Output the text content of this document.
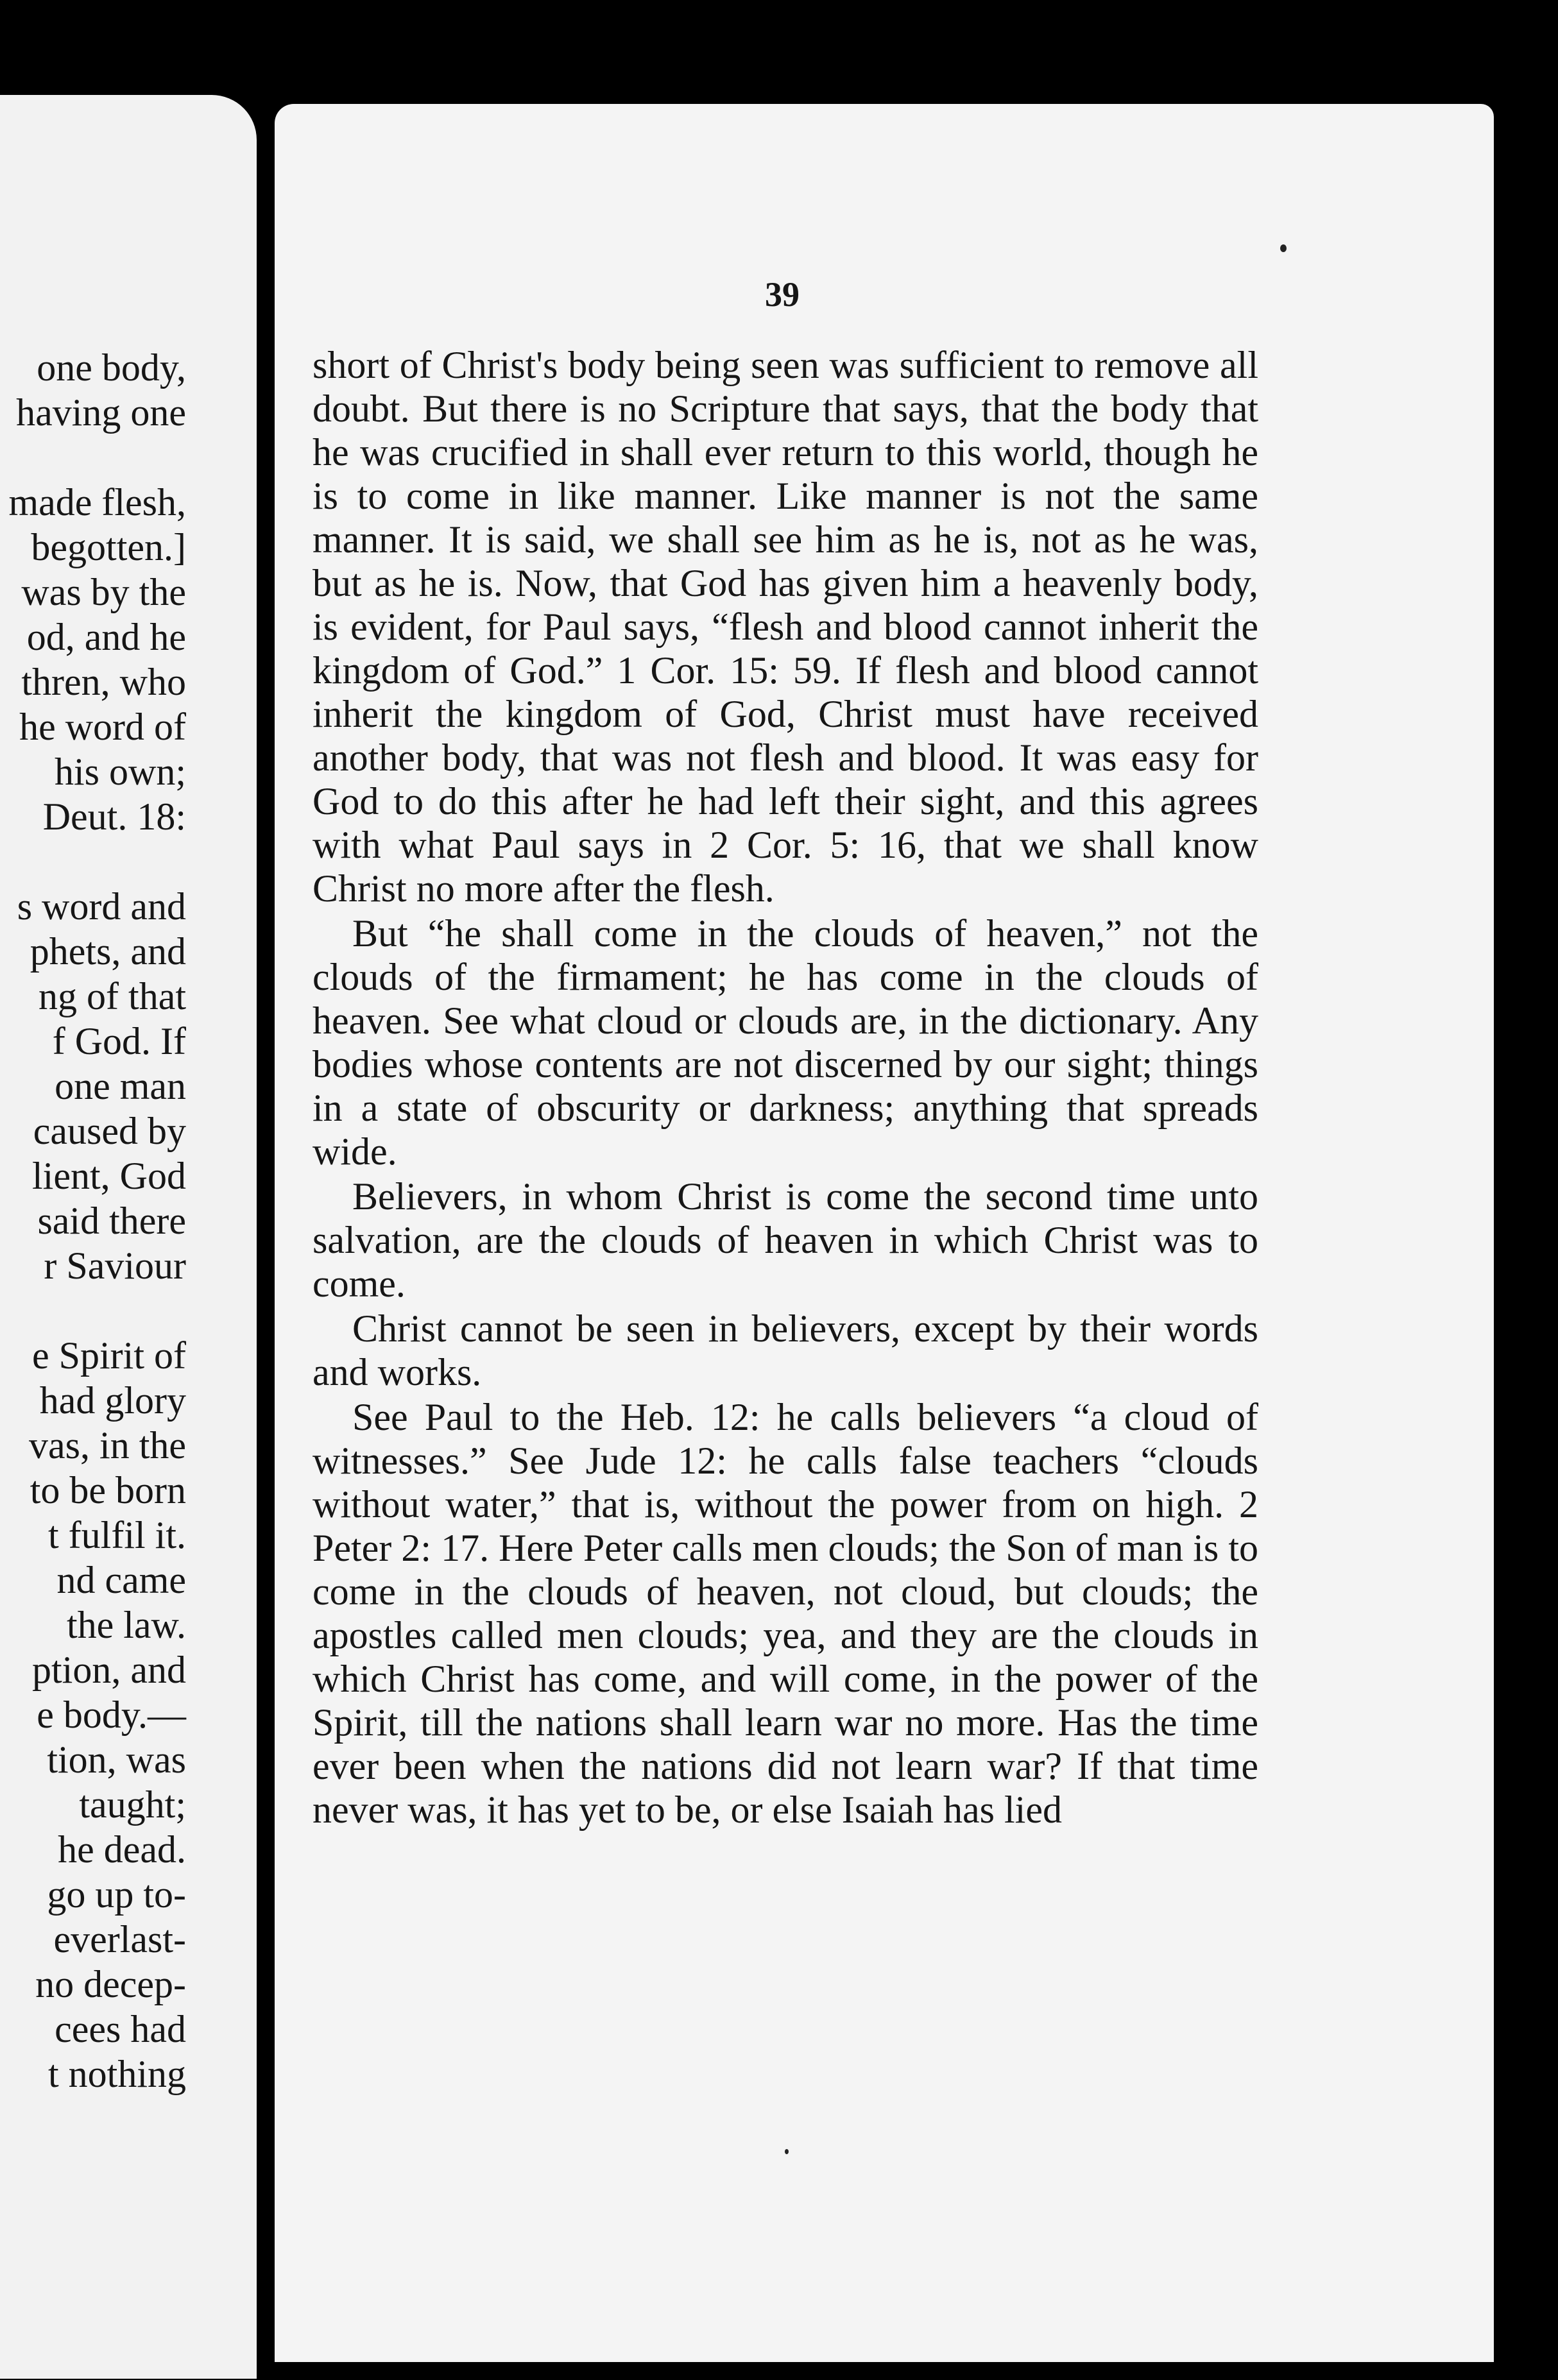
one body,
having one

made flesh,
begotten.]
was by the
od, and he
thren, who
he word of
his own;
Deut. 18:

s word and
phets, and
ng of that
f God. If
one man
caused by
lient, God
said there
r Saviour

e Spirit of
had glory
vas, in the
to be born
t fulfil it.
nd came
the law.
ption, and
e body.—
tion, was
taught;
he dead.
go up to-
everlast-
no decep-
cees had
t nothing
39

short of Christ's body being seen was sufficient to remove all doubt. But there is no Scripture that says, that the body that he was crucified in shall ever return to this world, though he is to come in like manner. Like manner is not the same manner. It is said, we shall see him as he is, not as he was, but as he is. Now, that God has given him a heavenly body, is evident, for Paul says, “flesh and blood cannot inherit the kingdom of God.” 1 Cor. 15: 59. If flesh and blood cannot inherit the kingdom of God, Christ must have received another body, that was not flesh and blood. It was easy for God to do this after he had left their sight, and this agrees with what Paul says in 2 Cor. 5: 16, that we shall know Christ no more after the flesh.

But “he shall come in the clouds of heaven,” not the clouds of the firmament; he has come in the clouds of heaven. See what cloud or clouds are, in the dictionary. Any bodies whose contents are not discerned by our sight; things in a state of obscurity or darkness; anything that spreads wide.

Believers, in whom Christ is come the second time unto salvation, are the clouds of heaven in which Christ was to come.

Christ cannot be seen in believers, except by their words and works.

See Paul to the Heb. 12: he calls believers “a cloud of witnesses.” See Jude 12: he calls false teachers “clouds without water,” that is, without the power from on high. 2 Peter 2: 17. Here Peter calls men clouds; the Son of man is to come in the clouds of heaven, not cloud, but clouds; the apostles called men clouds; yea, and they are the clouds in which Christ has come, and will come, in the power of the Spirit, till the nations shall learn war no more. Has the time ever been when the nations did not learn war? If that time never was, it has yet to be, or else Isaiah has lied
